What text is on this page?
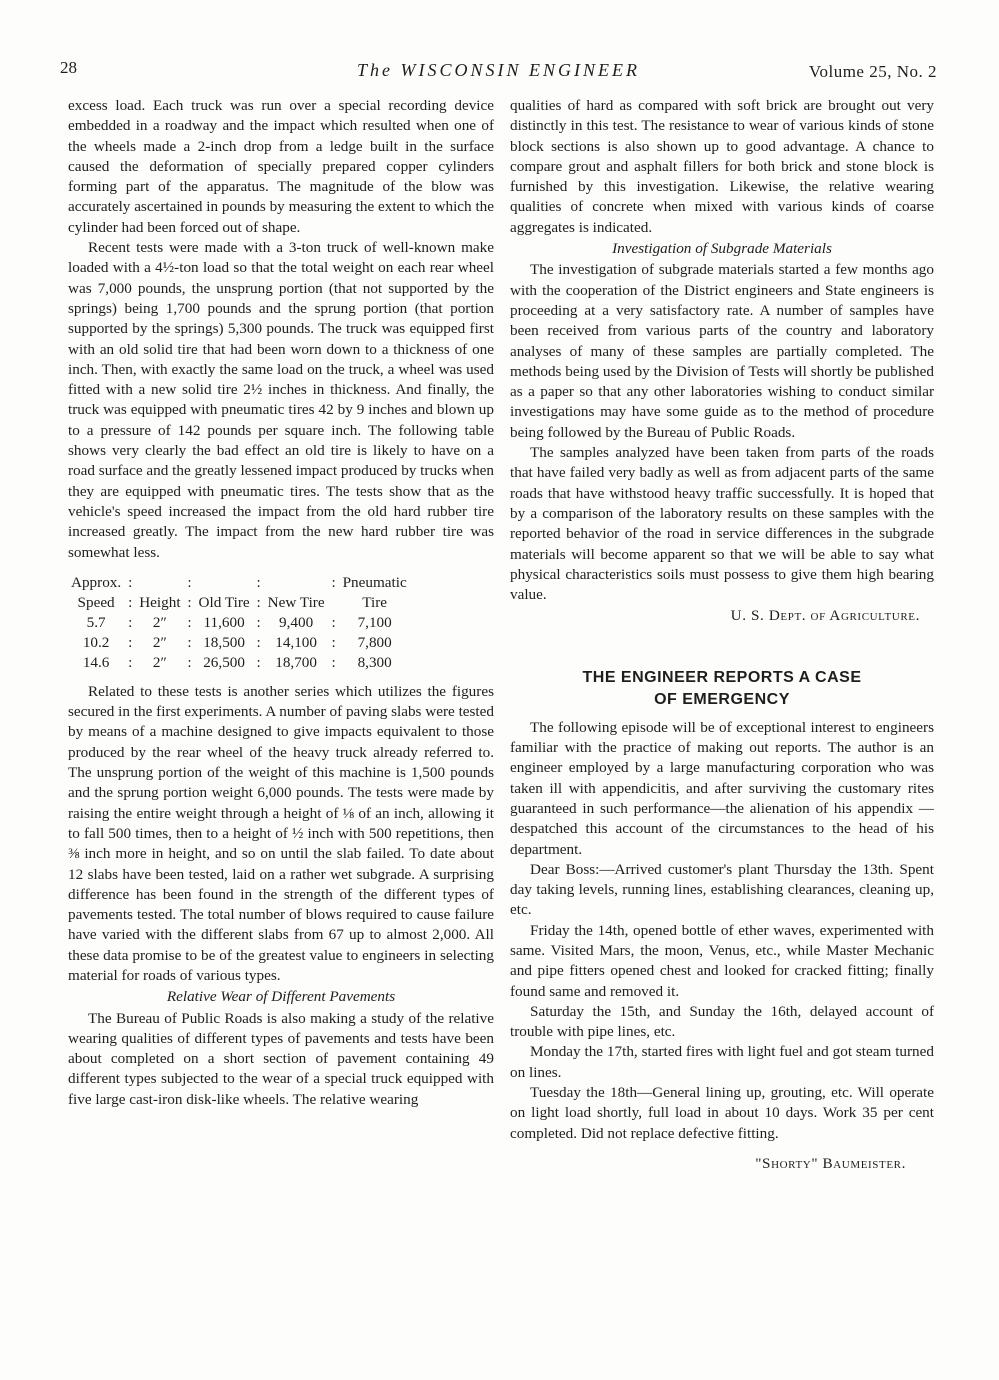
28	The WISCONSIN ENGINEER	Volume 25, No. 2

excess load. Each truck was run over a special recording device embedded in a roadway and the impact which resulted when one of the wheels made a 2-inch drop from a ledge built in the surface caused the deformation of specially prepared copper cylinders forming part of the apparatus. The magnitude of the blow was accurately ascertained in pounds by measuring the extent to which the cylinder had been forced out of shape.

Recent tests were made with a 3-ton truck of well-known make loaded with a 4½-ton load so that the total weight on each rear wheel was 7,000 pounds, the unsprung portion (that not supported by the springs) being 1,700 pounds and the sprung portion (that portion supported by the springs) 5,300 pounds. The truck was equipped first with an old solid tire that had been worn down to a thickness of one inch. Then, with exactly the same load on the truck, a wheel was used fitted with a new solid tire 2½ inches in thickness. And finally, the truck was equipped with pneumatic tires 42 by 9 inches and blown up to a pressure of 142 pounds per square inch. The following table shows very clearly the bad effect an old tire is likely to have on a road surface and the greatly lessened impact produced by trucks when they are equipped with pneumatic tires. The tests show that as the vehicle's speed increased the impact from the old hard rubber tire increased greatly. The impact from the new hard rubber tire was somewhat less.

Approx.	:		:		:		:	Pneumatic
Speed	:	Height	:	Old Tire	:	New Tire		Tire
5.7	:	2″	:	11,600	:	9,400	:	7,100
10.2	:	2″	:	18,500	:	14,100	:	7,800
14.6	:	2″	:	26,500	:	18,700	:	8,300

Related to these tests is another series which utilizes the figures secured in the first experiments. A number of paving slabs were tested by means of a machine designed to give impacts equivalent to those produced by the rear wheel of the heavy truck already referred to. The unsprung portion of the weight of this machine is 1,500 pounds and the sprung portion weight 6,000 pounds. The tests were made by raising the entire weight through a height of ⅛ of an inch, allowing it to fall 500 times, then to a height of ½ inch with 500 repetitions, then ⅜ inch more in height, and so on until the slab failed. To date about 12 slabs have been tested, laid on a rather wet subgrade. A surprising difference has been found in the strength of the different types of pavements tested. The total number of blows required to cause failure have varied with the different slabs from 67 up to almost 2,000. All these data promise to be of the greatest value to engineers in selecting material for roads of various types.

Relative Wear of Different Pavements

The Bureau of Public Roads is also making a study of the relative wearing qualities of different types of pavements and tests have been about completed on a short section of pavement containing 49 different types subjected to the wear of a special truck equipped with five large cast-iron disk-like wheels. The relative wearing

qualities of hard as compared with soft brick are brought out very distinctly in this test. The resistance to wear of various kinds of stone block sections is also shown up to good advantage. A chance to compare grout and asphalt fillers for both brick and stone block is furnished by this investigation. Likewise, the relative wearing qualities of concrete when mixed with various kinds of coarse aggregates is indicated.

Investigation of Subgrade Materials

The investigation of subgrade materials started a few months ago with the cooperation of the District engineers and State engineers is proceeding at a very satisfactory rate. A number of samples have been received from various parts of the country and laboratory analyses of many of these samples are partially completed. The methods being used by the Division of Tests will shortly be published as a paper so that any other laboratories wishing to conduct similar investigations may have some guide as to the method of procedure being followed by the Bureau of Public Roads.

The samples analyzed have been taken from parts of the roads that have failed very badly as well as from adjacent parts of the same roads that have withstood heavy traffic successfully. It is hoped that by a comparison of the laboratory results on these samples with the reported behavior of the road in service differences in the subgrade materials will become apparent so that we will be able to say what physical characteristics soils must possess to give them high bearing value.

U. S. Dept. of Agriculture.
THE ENGINEER REPORTS A CASE
OF EMERGENCY

The following episode will be of exceptional interest to engineers familiar with the practice of making out reports. The author is an engineer employed by a large manufacturing corporation who was taken ill with appendicitis, and after surviving the customary rites guaranteed in such performance—the alienation of his appendix —despatched this account of the circumstances to the head of his department.

Dear Boss:—Arrived customer's plant Thursday the 13th. Spent day taking levels, running lines, establishing clearances, cleaning up, etc.

Friday the 14th, opened bottle of ether waves, experimented with same. Visited Mars, the moon, Venus, etc., while Master Mechanic and pipe fitters opened chest and looked for cracked fitting; finally found same and removed it.

Saturday the 15th, and Sunday the 16th, delayed account of trouble with pipe lines, etc.

Monday the 17th, started fires with light fuel and got steam turned on lines.

Tuesday the 18th—General lining up, grouting, etc. Will operate on light load shortly, full load in about 10 days. Work 35 per cent completed. Did not replace defective fitting.

"Shorty" Baumeister.
